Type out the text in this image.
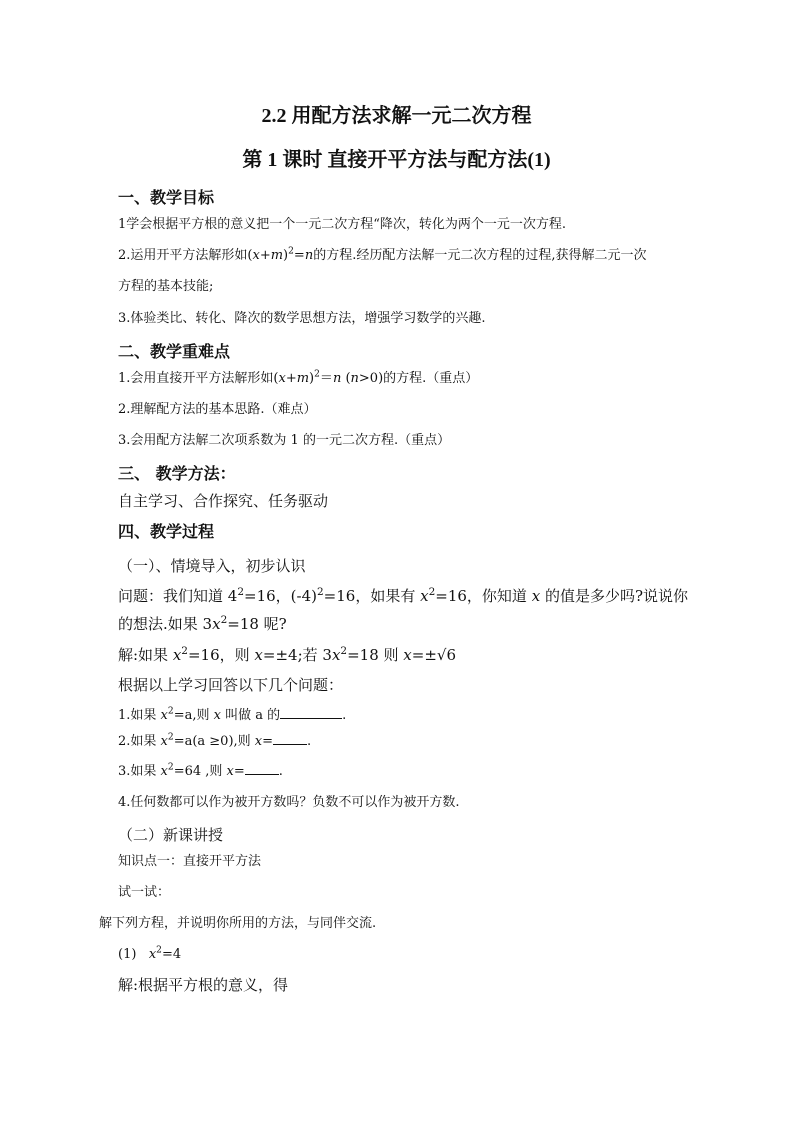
2.2 用配方法求解一元二次方程
第 1 课时 直接开平方法与配方法(1)
一、教学目标
1学会根据平方根的意义把一个一元二次方程“降次，转化为两个一元一次方程.
2.运用开平方法解形如$(x+m)^2=n$的方程.经历配方法解一元二次方程的过程,获得解二元一次
方程的基本技能;
3.体验类比、转化、降次的数学思想方法，增强学习数学的兴趣.
二、教学重难点
1.会用直接开平方法解形如$(x+m)^2=n$ (n>0)的方程.（重点）
2.理解配方法的基本思路.（难点）
3.会用配方法解二次项系数为 1 的一元二次方程.（重点）
三、 教学方法：
自主学习、合作探究、任务驱动
四、教学过程
（一）、情境导入，初步认识
问题：我们知道 $4^2=16$，$(-4)^2=16$，如果有 $x^2=16$，你知道 x 的值是多少吗?说说你
的想法.如果 $3x^2=18$ 呢?
解:如果 $x^2=16$，则 x=±4;若 $3x^2=18$ 则 x=±√6
根据以上学习回答以下几个问题：
1.如果 $x^2=a$,则 x 叫做 a 的	.
2.如果 $x^2=a(a \ge 0)$,则 x=	.
3.如果 $x^2=64$ ,则 x=	.
4.任何数都可以作为被开方数吗？负数不可以作为被开方数.
（二）新课讲授
知识点一：直接开平方法
试一试：
解下列方程，并说明你所用的方法，与同伴交流.
(1)   $x^2=4$
解:根据平方根的意义，得
